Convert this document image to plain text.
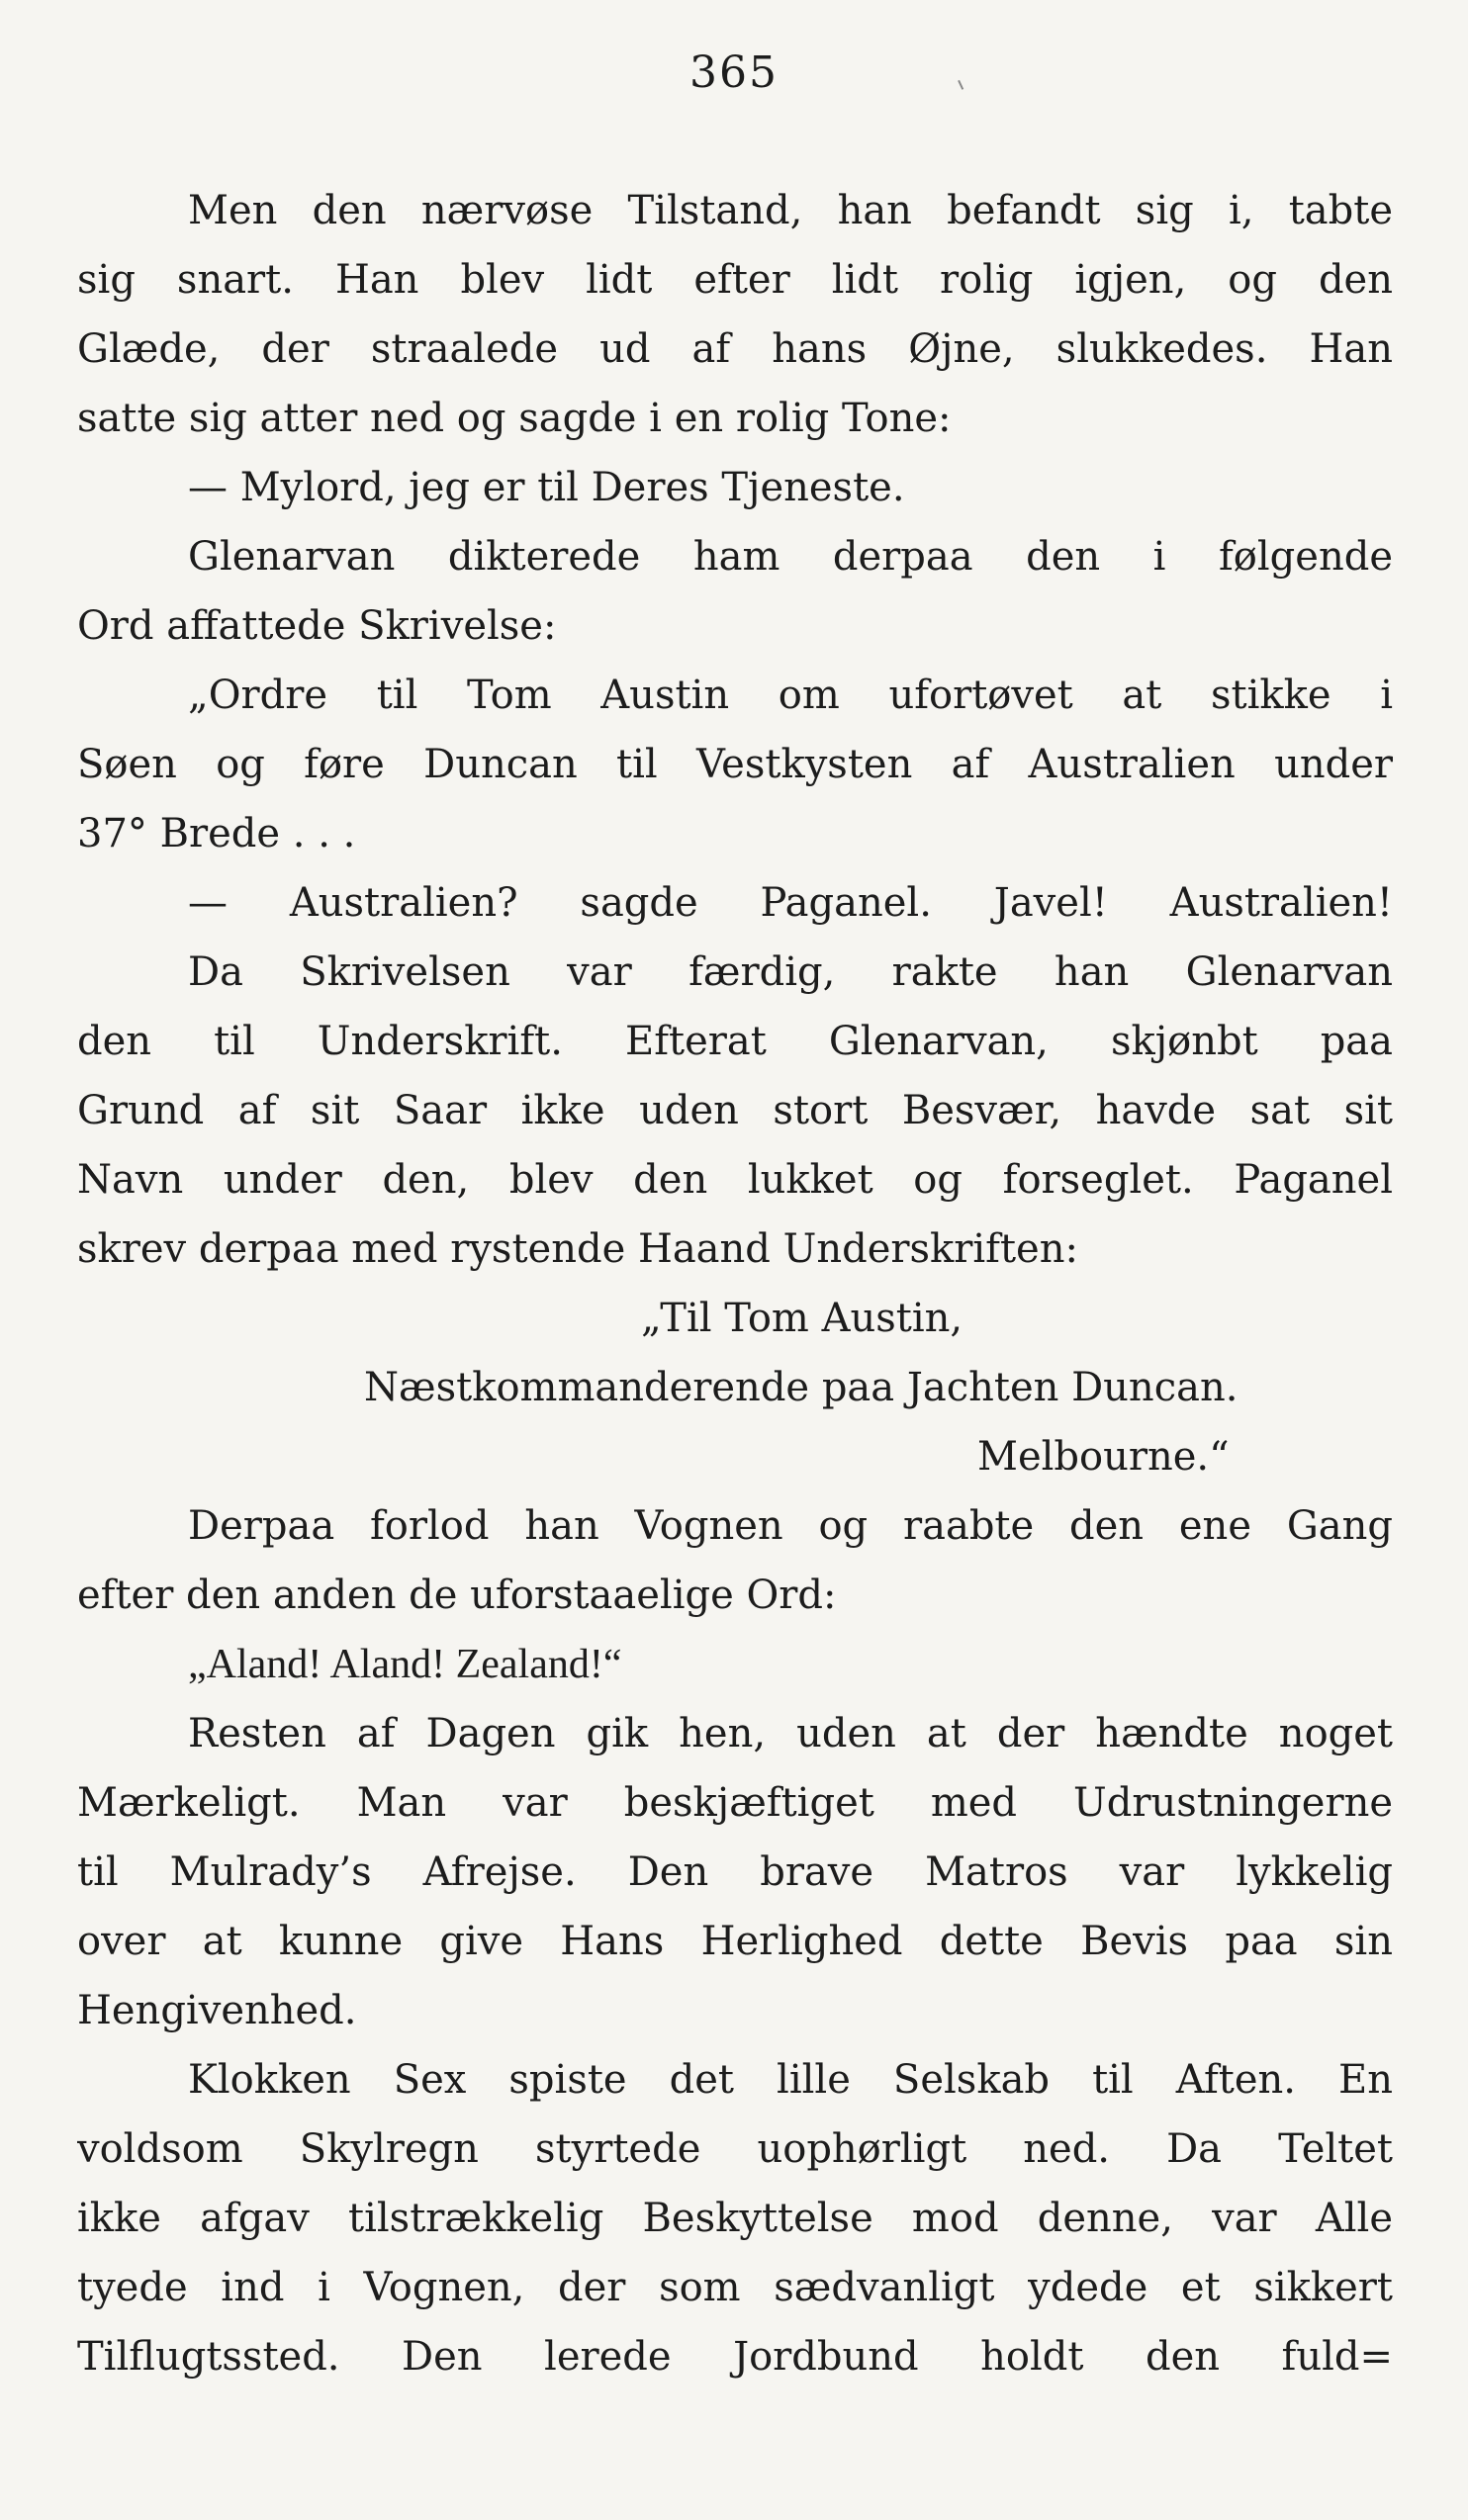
365
Men den nærvøse Tilstand, han befandt sig i, tabte
sig snart. Han blev lidt efter lidt rolig igjen, og den
Glæde, der straalede ud af hans Øjne, slukkedes. Han
satte sig atter ned og sagde i en rolig Tone:
— Mylord, jeg er til Deres Tjeneste.
Glenarvan dikterede ham derpaa den i følgende
Ord affattede Skrivelse:
„Ordre til Tom Austin om ufortøvet at stikke i
Søen og føre Duncan til Vestkysten af Australien under
37° Brede . . .
— Australien? sagde Paganel. Javel! Australien!
Da Skrivelsen var færdig, rakte han Glenarvan
den til Underskrift. Efterat Glenarvan, skjønbt paa
Grund af sit Saar ikke uden stort Besvær, havde sat sit
Navn under den, blev den lukket og forseglet. Paganel
skrev derpaa med rystende Haand Underskriften:
„Til Tom Austin,
Næstkommanderende paa Jachten Duncan.
Melbourne.“
Derpaa forlod han Vognen og raabte den ene Gang
efter den anden de uforstaaelige Ord:
„Aland! Aland! Zealand!“
Resten af Dagen gik hen, uden at der hændte noget
Mærkeligt. Man var beskjæftiget med Udrustningerne
til Mulrady’s Afrejse. Den brave Matros var lykkelig
over at kunne give Hans Herlighed dette Bevis paa sin
Hengivenhed.
Klokken Sex spiste det lille Selskab til Aften. En
voldsom Skylregn styrtede uophørligt ned. Da Teltet
ikke afgav tilstrækkelig Beskyttelse mod denne, var Alle
tyede ind i Vognen, der som sædvanligt ydede et sikkert
Tilflugtssted. Den lerede Jordbund holdt den fuld=
